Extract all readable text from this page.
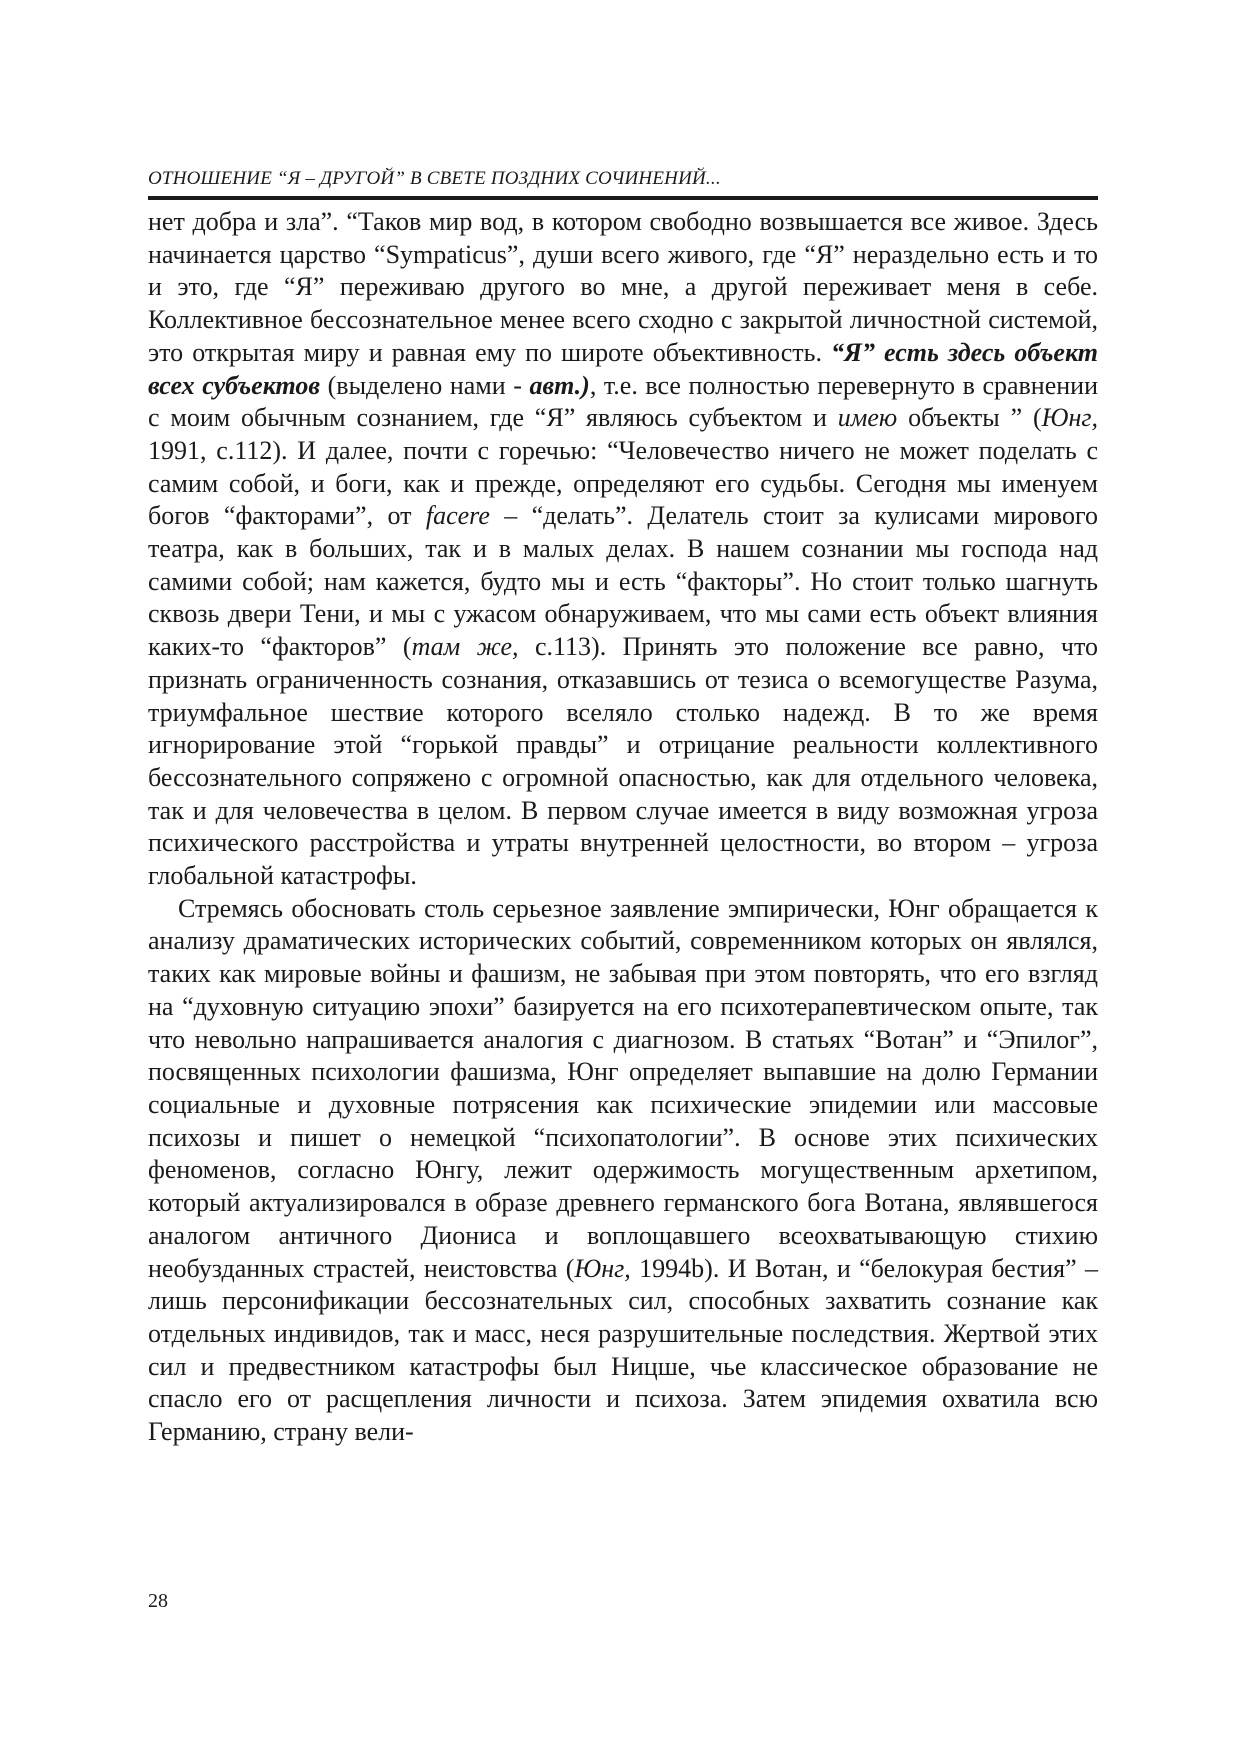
ОТНОШЕНИЕ “Я – ДРУГОЙ” В СВЕТЕ ПОЗДНИХ СОЧИНЕНИЙ...

нет добра и зла”. “Таков мир вод, в котором свободно возвышается все живое. Здесь начинается царство “Sympaticus”, души всего живого, где “Я” нераздельно есть и то и это, где “Я” переживаю другого во мне, а другой переживает меня в себе. Коллективное бессознательное менее всего сходно с закрытой личностной системой, это открытая миру и равная ему по широте объективность. “Я” есть здесь объект всех субъектов (выделено нами - авт.), т.е. все полностью перевернуто в сравнении с моим обычным сознанием, где “Я” являюсь субъектом и имею объекты ” (Юнг, 1991, с.112). И далее, почти с горечью: “Человечество ничего не может поделать с самим собой, и боги, как и прежде, определяют его судьбы. Сегодня мы именуем богов “факторами”, от facere – “делать”. Делатель стоит за кулисами мирового театра, как в больших, так и в малых делах. В нашем сознании мы господа над самими собой; нам кажется, будто мы и есть “факторы”. Но стоит только шагнуть сквозь двери Тени, и мы с ужасом обнаруживаем, что мы сами есть объект влияния каких-то “факторов” (там же, с.113). Принять это положение все равно, что признать ограниченность сознания, отказавшись от тезиса о всемогуществе Разума, триумфальное шествие которого вселяло столько надежд. В то же время игнорирование этой “горькой правды” и отрицание реальности коллективного бессознательного сопряжено с огромной опасностью, как для отдельного человека, так и для человечества в целом. В первом случае имеется в виду возможная угроза психического расстройства и утраты внутренней целостности, во втором – угроза глобальной катастрофы.

Стремясь обосновать столь серьезное заявление эмпирически, Юнг обращается к анализу драматических исторических событий, современником которых он являлся, таких как мировые войны и фашизм, не забывая при этом повторять, что его взгляд на “духовную ситуацию эпохи” базируется на его психотерапевтическом опыте, так что невольно напрашивается аналогия с диагнозом. В статьях “Вотан” и “Эпилог”, посвященных психологии фашизма, Юнг определяет выпавшие на долю Германии социальные и духовные потрясения как психические эпидемии или массовые психозы и пишет о немецкой “психопатологии”. В основе этих психических феноменов, согласно Юнгу, лежит одержимость могущественным архетипом, который актуализировался в образе древнего германского бога Вотана, являвшегося аналогом античного Диониса и воплощавшего всеохватывающую стихию необузданных страстей, неистовства (Юнг, 1994b). И Вотан, и “белокурая бестия” – лишь персонификации бессознательных сил, способных захватить сознание как отдельных индивидов, так и масс, неся разрушительные последствия. Жертвой этих сил и предвестником катастрофы был Ницше, чье классическое образование не спасло его от расщепления личности и психоза. Затем эпидемия охватила всю Германию, страну вели-

28
